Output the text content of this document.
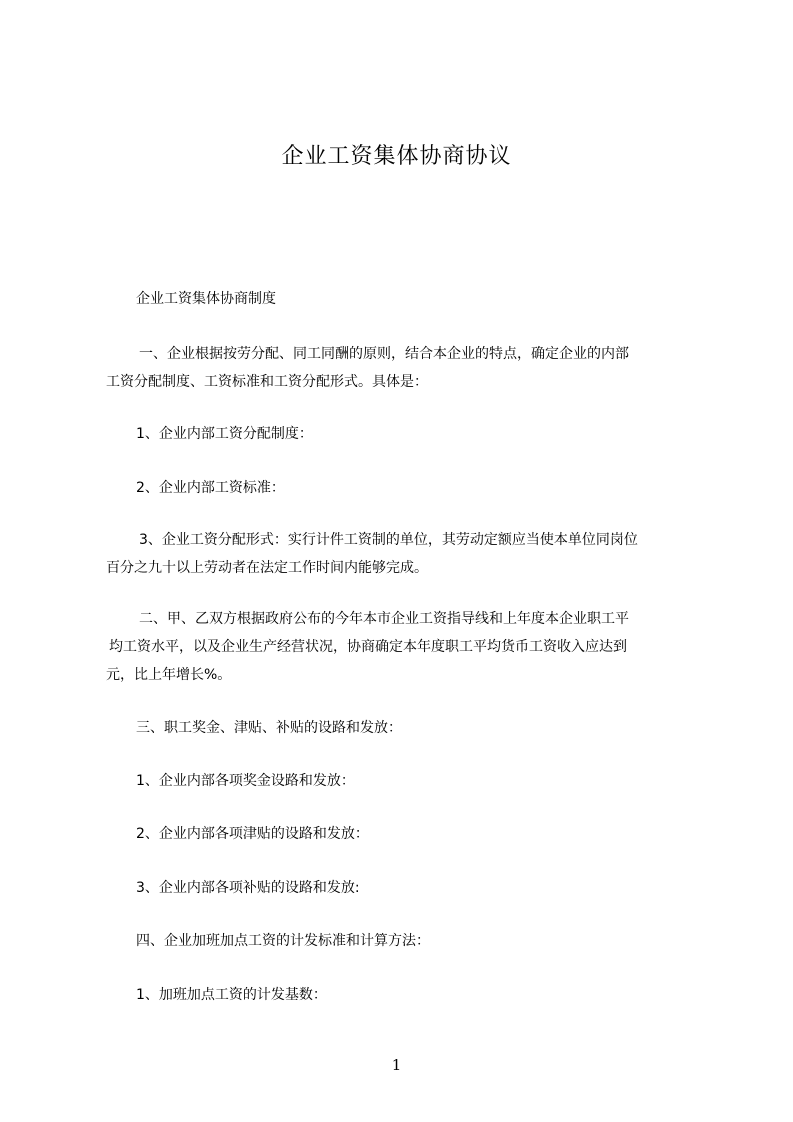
企业工资集体协商协议
企业工资集体协商制度
一、企业根据按劳分配、同工同酬的原则，结合本企业的特点，确定企业的内部
工资分配制度、工资标准和工资分配形式。具体是：
1、企业内部工资分配制度：
2、企业内部工资标准：
3、企业工资分配形式：实行计件工资制的单位，其劳动定额应当使本单位同岗位
百分之九十以上劳动者在法定工作时间内能够完成。
二、甲、乙双方根据政府公布的今年本市企业工资指导线和上年度本企业职工平
均工资水平，以及企业生产经营状况，协商确定本年度职工平均货币工资收入应达到
元，比上年增长%。
三、职工奖金、津贴、补贴的设路和发放：
1、企业内部各项奖金设路和发放：
2、企业内部各项津贴的设路和发放：
3、企业内部各项补贴的设路和发放:
四、企业加班加点工资的计发标准和计算方法：
1、加班加点工资的计发基数：
1
